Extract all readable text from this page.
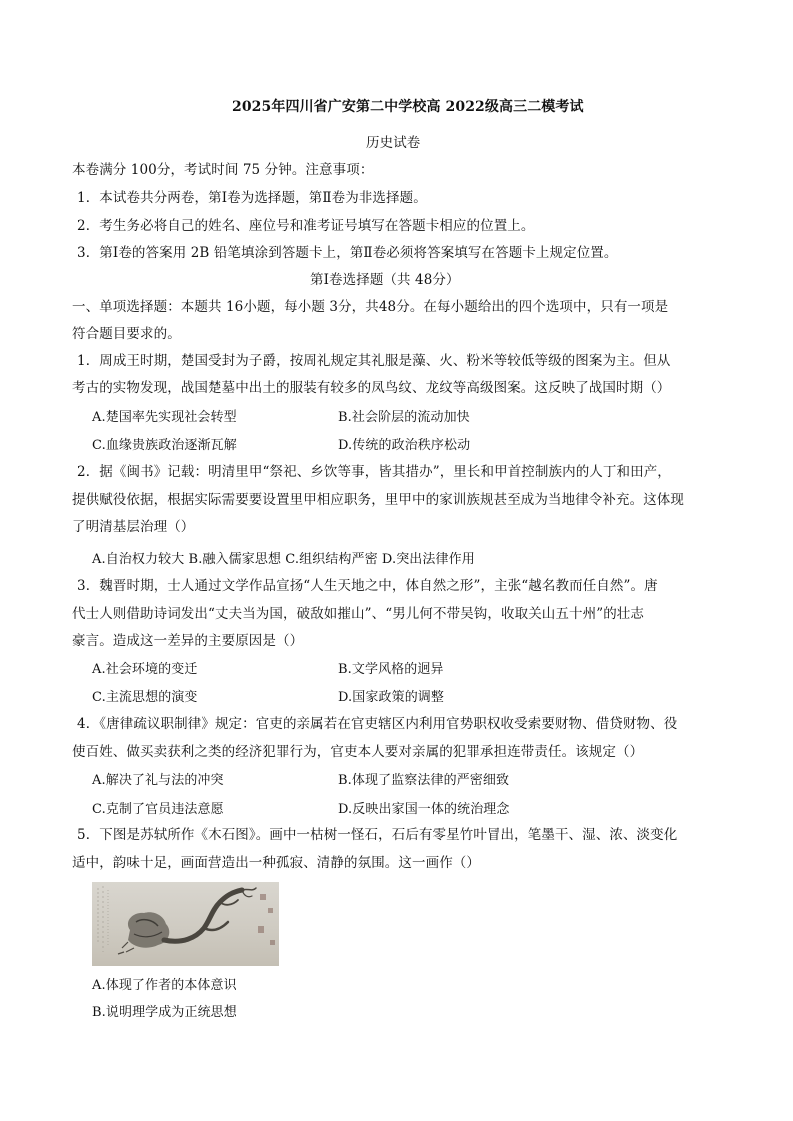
2025年四川省广安第二中学校高 2022级高三二模考试
历史试卷
本卷满分 100分，考试时间 75 分钟。注意事项：
1．本试卷共分两卷，第Ⅰ卷为选择题，第Ⅱ卷为非选择题。
2．考生务必将自己的姓名、座位号和准考证号填写在答题卡相应的位置上。
3．第Ⅰ卷的答案用 2B 铅笔填涂到答题卡上，第Ⅱ卷必须将答案填写在答题卡上规定位置。
第Ⅰ卷选择题（共 48分）
一、单项选择题：本题共 16小题，每小题 3分，共48分。在每小题给出的四个选项中，只有一项是
符合题目要求的。
1．周成王时期，楚国受封为子爵，按周礼规定其礼服是藻、火、粉米等较低等级的图案为主。但从
考古的实物发现，战国楚墓中出土的服装有较多的凤鸟纹、龙纹等高级图案。这反映了战国时期（）
A.楚国率先实现社会转型	B.社会阶层的流动加快
C.血缘贵族政治逐渐瓦解	D.传统的政治秩序松动
2．据《闽书》记载：明清里甲“祭祀、乡饮等事，皆其措办”，里长和甲首控制族内的人丁和田产，
提供赋役依据，根据实际需要要设置里甲相应职务，里甲中的家训族规甚至成为当地律令补充。这体现
了明清基层治理（）
A.自治权力较大 B.融入儒家思想 C.组织结构严密 D.突出法律作用
3．魏晋时期，士人通过文学作品宣扬“人生天地之中，体自然之形”，主张“越名教而任自然”。唐
代士人则借助诗词发出“丈夫当为国，破敌如摧山”、“男儿何不带吴钩，收取关山五十州”的壮志
豪言。造成这一差异的主要原因是（）
A.社会环境的变迁	B.文学风格的迥异
C.主流思想的演变	D.国家政策的调整
4．《唐律疏议职制律》规定：官吏的亲属若在官吏辖区内利用官势职权收受索要财物、借贷财物、役
使百姓、做买卖获利之类的经济犯罪行为，官吏本人要对亲属的犯罪承担连带责任。该规定（）
A.解决了礼与法的冲突	B.体现了监察法律的严密细致
C.克制了官员违法意愿	D.反映出家国一体的统治理念
5．下图是苏轼所作《木石图》。画中一枯树一怪石，石后有零星竹叶冒出，笔墨干、湿、浓、淡变化
适中，韵味十足，画面营造出一种孤寂、清静的氛围。这一画作（）
A.体现了作者的本体意识
B.说明理学成为正统思想
